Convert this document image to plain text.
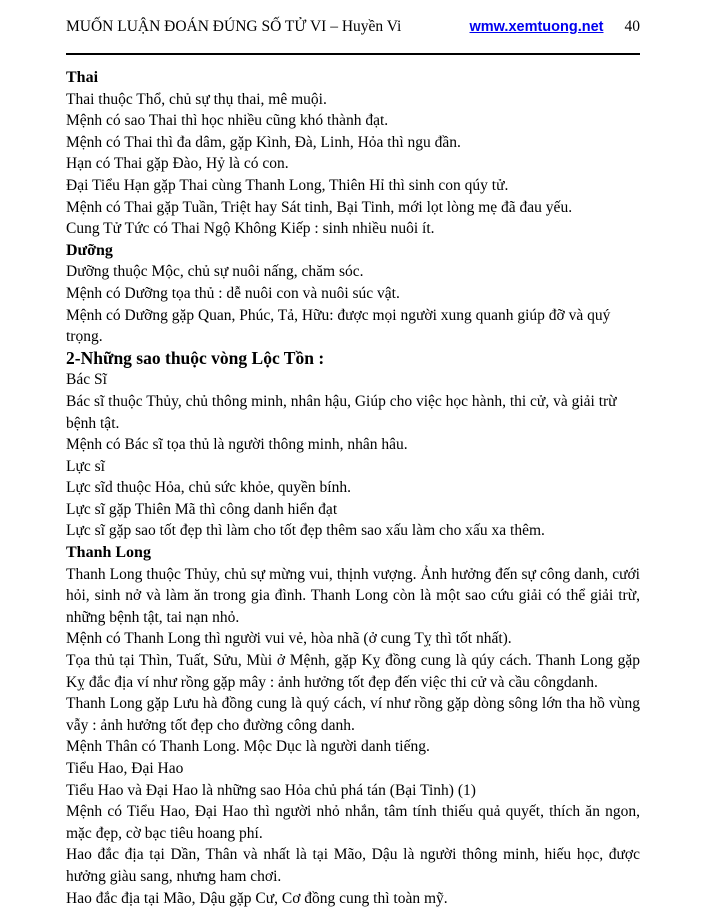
MUỐN LUẬN ĐOÁN ĐÚNG SỐ TỬ VI – Huyền Vi	wmw.xemtuong.net 40

Thai

Thai thuộc Thổ, chủ sự thụ thai, mê muội.

Mệnh có sao Thai thì học nhiều cũng khó thành đạt.

Mệnh có Thai thì đa dâm, gặp Kình, Đà, Linh, Hỏa thì ngu đần.

Hạn có Thai gặp Đào, Hỷ là có con.

Đại Tiểu Hạn gặp Thai cùng Thanh Long, Thiên Hỉ thì sinh con qúy tử.

Mệnh có Thai gặp Tuần, Triệt hay Sát tinh, Bại Tinh, mới lọt lòng mẹ đã đau yếu.

Cung Tử Tức có Thai Ngộ Không Kiếp : sinh nhiều nuôi ít.

Dưỡng

Dưỡng thuộc Mộc, chủ sự nuôi nấng, chăm sóc.

Mệnh có Dưỡng tọa thủ : dễ nuôi con và nuôi súc vật.

Mệnh có Dưỡng gặp Quan, Phúc, Tả, Hữu: được mọi người xung quanh giúp đỡ và quý trọng.

2-Những sao thuộc vòng Lộc Tồn :

Bác Sĩ

Bác sĩ thuộc Thủy, chủ thông minh, nhân hậu, Giúp cho việc học hành, thi cử, và giải trừ bệnh tật.

Mệnh có Bác sĩ tọa thủ là người thông minh, nhân hâu.

Lực sĩ

Lực sĩd thuộc Hỏa, chủ sức khỏe, quyền bính.

Lực sĩ gặp Thiên Mã thì công danh hiển đạt

Lực sĩ gặp sao tốt đẹp thì làm cho tốt đẹp thêm sao xấu làm cho xấu xa thêm.

Thanh Long

Thanh Long thuộc Thủy, chủ sự mừng vui, thịnh vượng. Ảnh hưởng đến sự công danh, cưới hỏi, sinh nở và làm ăn trong gia đình. Thanh Long còn là một sao cứu giải có thể giải trừ, những bệnh tật, tai nạn nhỏ.

Mệnh có Thanh Long thì người vui vẻ, hòa nhã (ở cung Tỵ thì tốt nhất).

Tọa thủ tại Thìn, Tuất, Sửu, Mùi ở Mệnh, gặp Kỵ đồng cung là qúy cách. Thanh Long gặp Kỵ đắc địa ví như rồng gặp mây : ảnh hưởng tốt đẹp đến việc thi cử và cầu côngdanh.

Thanh Long gặp Lưu hà đồng cung là quý cách, ví như rồng gặp dòng sông lớn tha hồ vùng vẫy : ảnh hưởng tốt đẹp cho đường công danh.

Mệnh Thân có Thanh Long. Mộc Dục là người danh tiếng.

Tiểu Hao, Đại Hao

Tiểu Hao và Đại Hao là những sao Hỏa chủ phá tán (Bại Tinh) (1)

Mệnh có Tiểu Hao, Đại Hao thì người nhỏ nhắn, tâm tính thiếu quả quyết, thích ăn ngon, mặc đẹp, cờ bạc tiêu hoang phí.

Hao đắc địa tại Dần, Thân và nhất là tại Mão, Dậu là người thông minh, hiếu học, được hưởng giàu sang, nhưng ham chơi.

Hao đắc địa tại Mão, Dậu gặp Cư, Cơ đồng cung thì toàn mỹ.
